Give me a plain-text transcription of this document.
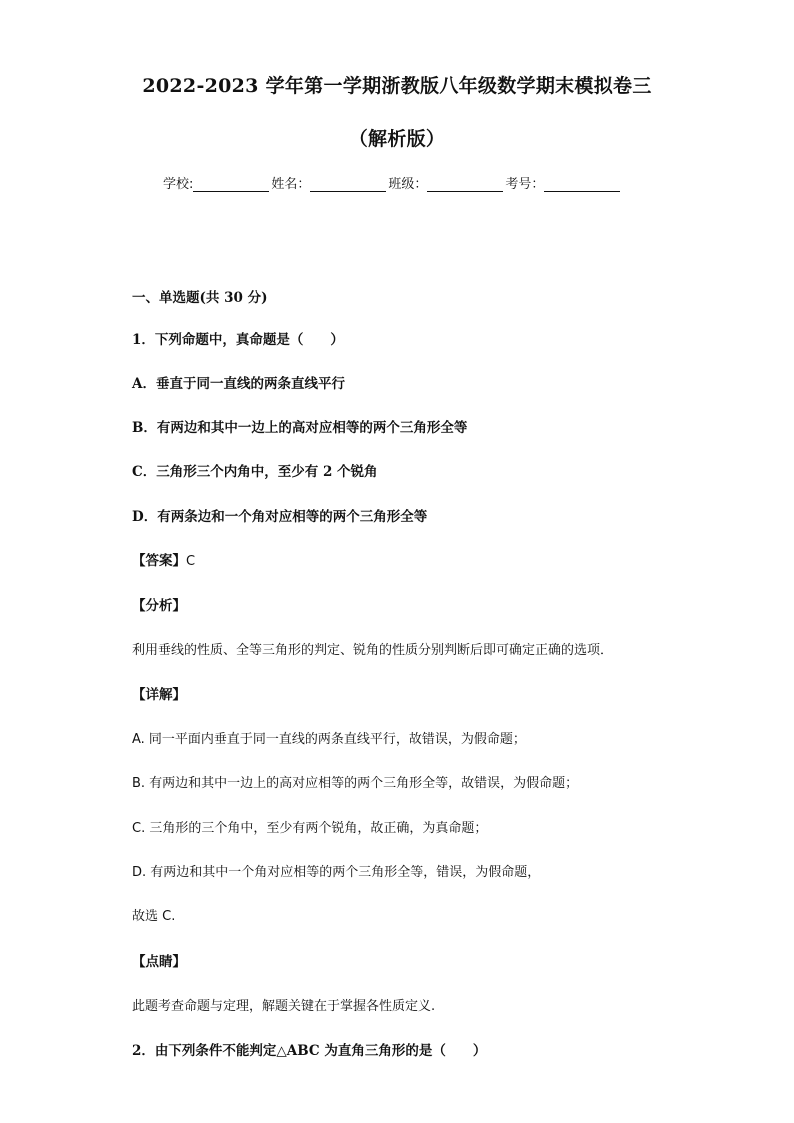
2022-2023 学年第一学期浙教版八年级数学期末模拟卷三
（解析版）
学校:	姓名：	班级：	考号：
一、单选题(共 30 分)
1．下列命题中，真命题是（　　）
A．垂直于同一直线的两条直线平行
B．有两边和其中一边上的高对应相等的两个三角形全等
C．三角形三个内角中，至少有 2 个锐角
D．有两条边和一个角对应相等的两个三角形全等
【答案】C
【分析】
利用垂线的性质、全等三角形的判定、锐角的性质分别判断后即可确定正确的选项．
【详解】
A. 同一平面内垂直于同一直线的两条直线平行，故错误，为假命题；
B. 有两边和其中一边上的高对应相等的两个三角形全等，故错误，为假命题；
C. 三角形的三个角中，至少有两个锐角，故正确，为真命题；
D. 有两边和其中一个角对应相等的两个三角形全等，错误，为假命题，
故选 C.
【点睛】
此题考查命题与定理，解题关键在于掌握各性质定义.
2．由下列条件不能判定△ABC 为直角三角形的是（　　）
